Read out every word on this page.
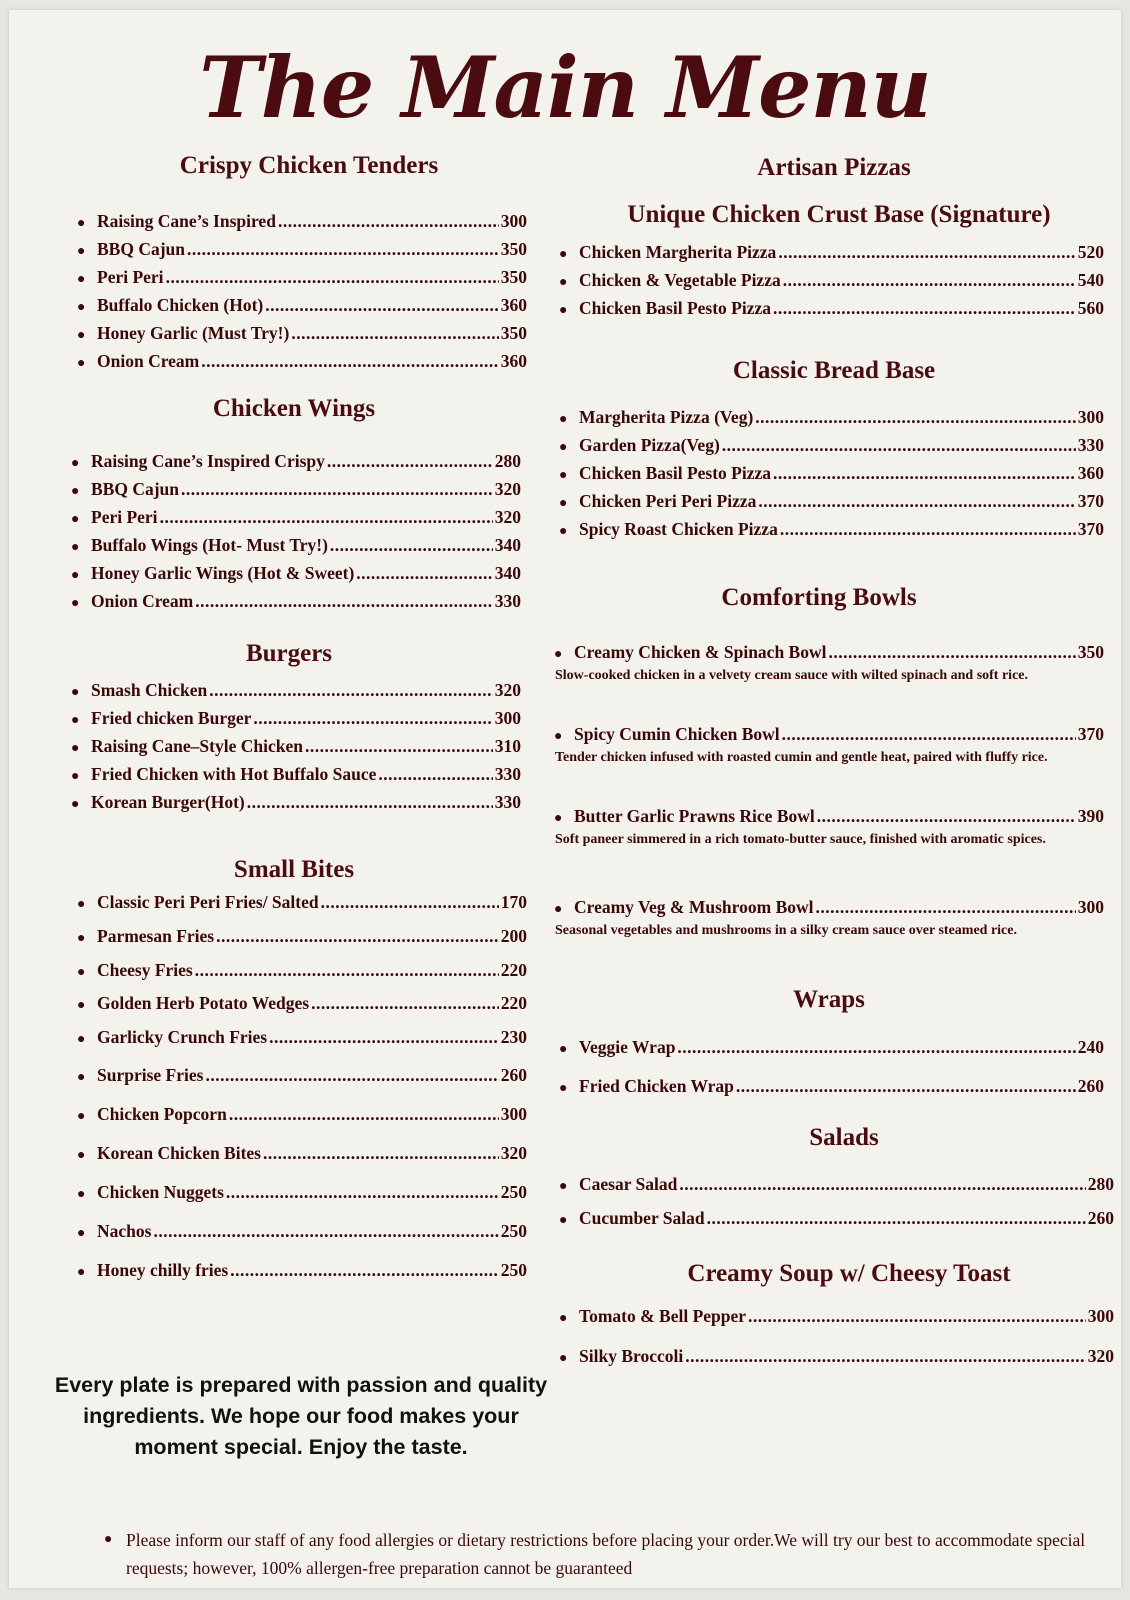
The Main Menu
Crispy Chicken Tenders
● Raising Cane’s Inspired .....	300
● BBQ Cajun .....	350
● Peri Peri .....	350
● Buffalo Chicken (Hot) .....	360
● Honey Garlic (Must Try!) .....	350
● Onion Cream .....	360
Chicken Wings
● Raising Cane’s Inspired Crispy .....	280
● BBQ Cajun .....	320
● Peri Peri .....	320
● Buffalo Wings (Hot- Must Try!) .....	340
● Honey Garlic Wings (Hot & Sweet) .....	340
● Onion Cream .....	330
Burgers
● Smash Chicken .....	320
● Fried chicken Burger .....	300
● Raising Cane–Style Chicken .....	310
● Fried Chicken with Hot Buffalo Sauce .....	330
● Korean Burger(Hot) .....	330
Small Bites
● Classic Peri Peri Fries/ Salted .....	170
● Parmesan Fries .....	200
● Cheesy Fries .....	220
● Golden Herb Potato Wedges .....	220
● Garlicky Crunch Fries .....	230
● Surprise Fries .....	260
● Chicken Popcorn .....	300
● Korean Chicken Bites .....	320
● Chicken Nuggets .....	250
● Nachos .....	250
● Honey chilly fries .....	250
Every plate is prepared with passion and quality ingredients. We hope our food makes your moment special. Enjoy the taste.
Artisan Pizzas
Unique Chicken Crust Base (Signature)
● Chicken Margherita Pizza .....	520
● Chicken & Vegetable Pizza .....	540
● Chicken Basil Pesto Pizza .....	560
Classic Bread Base
● Margherita Pizza (Veg) .....	300
● Garden Pizza(Veg) .....	330
● Chicken Basil Pesto Pizza .....	360
● Chicken Peri Peri Pizza .....	370
● Spicy Roast Chicken Pizza .....	370
Comforting Bowls
● Creamy Chicken & Spinach Bowl .....	350
Slow-cooked chicken in a velvety cream sauce with wilted spinach and soft rice.
● Spicy Cumin Chicken Bowl .....	370
Tender chicken infused with roasted cumin and gentle heat, paired with fluffy rice.
● Butter Garlic Prawns Rice Bowl .....	390
Soft paneer simmered in a rich tomato-butter sauce, finished with aromatic spices.
● Creamy Veg & Mushroom Bowl .....	300
Seasonal vegetables and mushrooms in a silky cream sauce over steamed rice.
Wraps
● Veggie Wrap .....	240
● Fried Chicken Wrap .....	260
Salads
● Caesar Salad .....	280
● Cucumber Salad .....	260
Creamy Soup w/ Cheesy Toast
● Tomato & Bell Pepper .....	300
● Silky Broccoli .....	320
● Please inform our staff of any food allergies or dietary restrictions before placing your order.We will try our best to accommodate special requests; however, 100% allergen-free preparation cannot be guaranteed
